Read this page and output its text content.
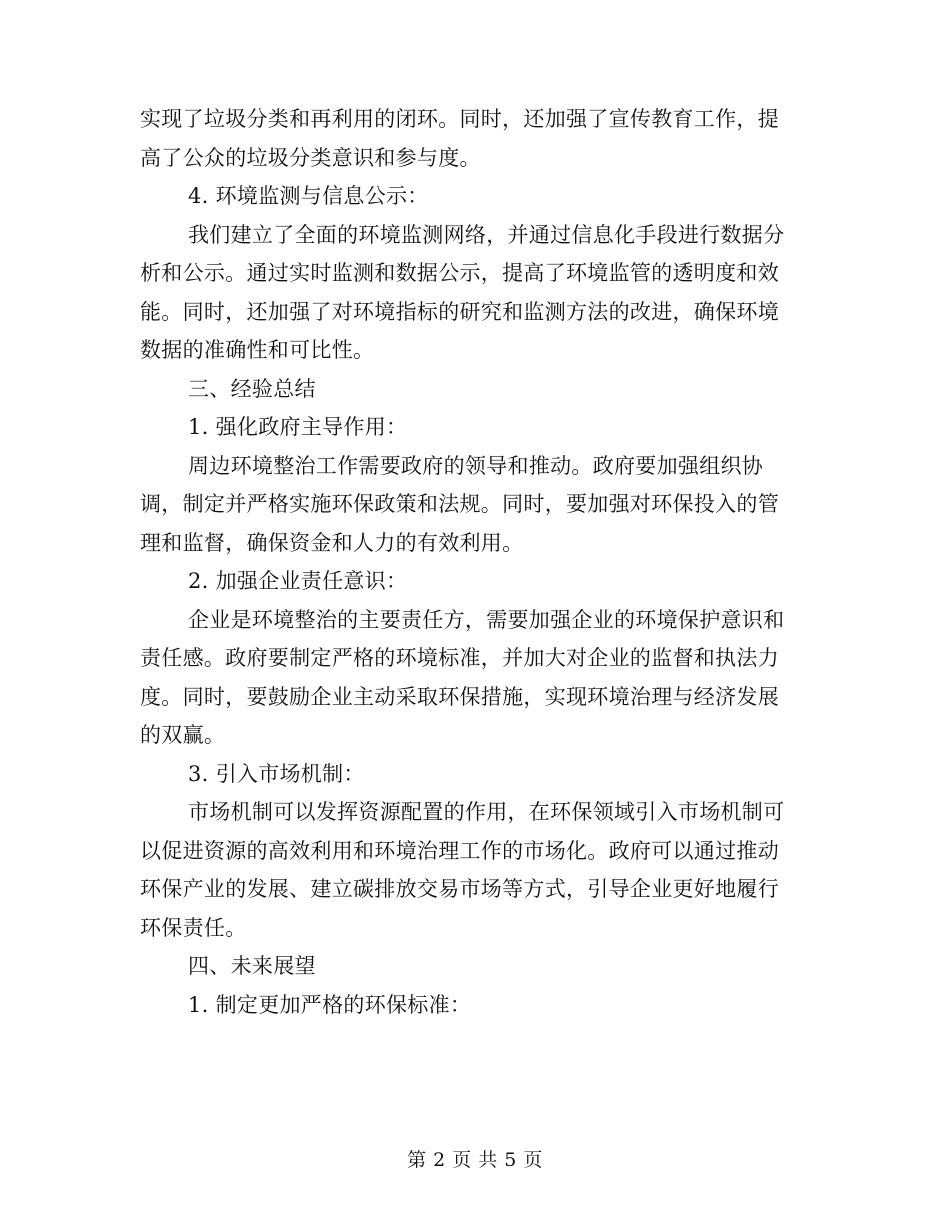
实现了垃圾分类和再利用的闭环。同时，还加强了宣传教育工作，提
高了公众的垃圾分类意识和参与度。
4. 环境监测与信息公示：
我们建立了全面的环境监测网络，并通过信息化手段进行数据分
析和公示。通过实时监测和数据公示，提高了环境监管的透明度和效
能。同时，还加强了对环境指标的研究和监测方法的改进，确保环境
数据的准确性和可比性。
三、经验总结
1. 强化政府主导作用：
周边环境整治工作需要政府的领导和推动。政府要加强组织协
调，制定并严格实施环保政策和法规。同时，要加强对环保投入的管
理和监督，确保资金和人力的有效利用。
2. 加强企业责任意识：
企业是环境整治的主要责任方，需要加强企业的环境保护意识和
责任感。政府要制定严格的环境标准，并加大对企业的监督和执法力
度。同时，要鼓励企业主动采取环保措施，实现环境治理与经济发展
的双赢。
3. 引入市场机制：
市场机制可以发挥资源配置的作用，在环保领域引入市场机制可
以促进资源的高效利用和环境治理工作的市场化。政府可以通过推动
环保产业的发展、建立碳排放交易市场等方式，引导企业更好地履行
环保责任。
四、未来展望
1. 制定更加严格的环保标准：
第 2 页 共 5 页
